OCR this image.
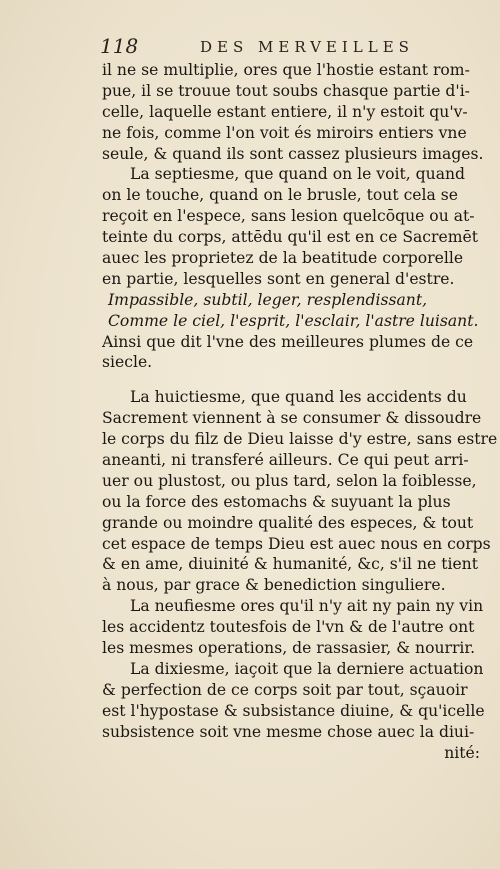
118	DES MERVEILLES
il ne se multiplie, ores que l'hostie estant rom-
pue, il se trouue tout soubs chasque partie d'i-
celle, laquelle estant entiere, il n'y estoit qu'v-
ne fois, comme l'on voit és miroirs entiers vne
seule, & quand ils sont cassez plusieurs images.
La septiesme, que quand on le voit, quand
on le touche, quand on le brusle, tout cela se
reçoit en l'espece, sans lesion quelcōque ou at-
teinte du corps, attēdu qu'il est en ce Sacremēt
auec les proprietez de la beatitude corporelle
en partie, lesquelles sont en general d'estre.
Impassible, subtil, leger, resplendissant,
Comme le ciel, l'esprit, l'esclair, l'astre luisant.
Ainsi que dit l'vne des meilleures plumes de ce
siecle.
La huictiesme, que quand les accidents du
Sacrement viennent à se consumer & dissoudre
le corps du filz de Dieu laisse d'y estre, sans estre
aneanti, ni transferé ailleurs. Ce qui peut arri-
uer ou plustost, ou plus tard, selon la foiblesse,
ou la force des estomachs & suyuant la plus
grande ou moindre qualité des especes, & tout
cet espace de temps Dieu est auec nous en corps
& en ame, diuinité & humanité, &c, s'il ne tient
à nous, par grace & benediction singuliere.
La neufiesme ores qu'il n'y ait ny pain ny vin
les accidentz toutesfois de l'vn & de l'autre ont
les mesmes operations, de rassasier, & nourrir.
La dixiesme, iaçoit que la derniere actuation
& perfection de ce corps soit par tout, sçauoir
est l'hypostase & subsistance diuine, & qu'icelle
subsistence soit vne mesme chose auec la diui-
nité:
